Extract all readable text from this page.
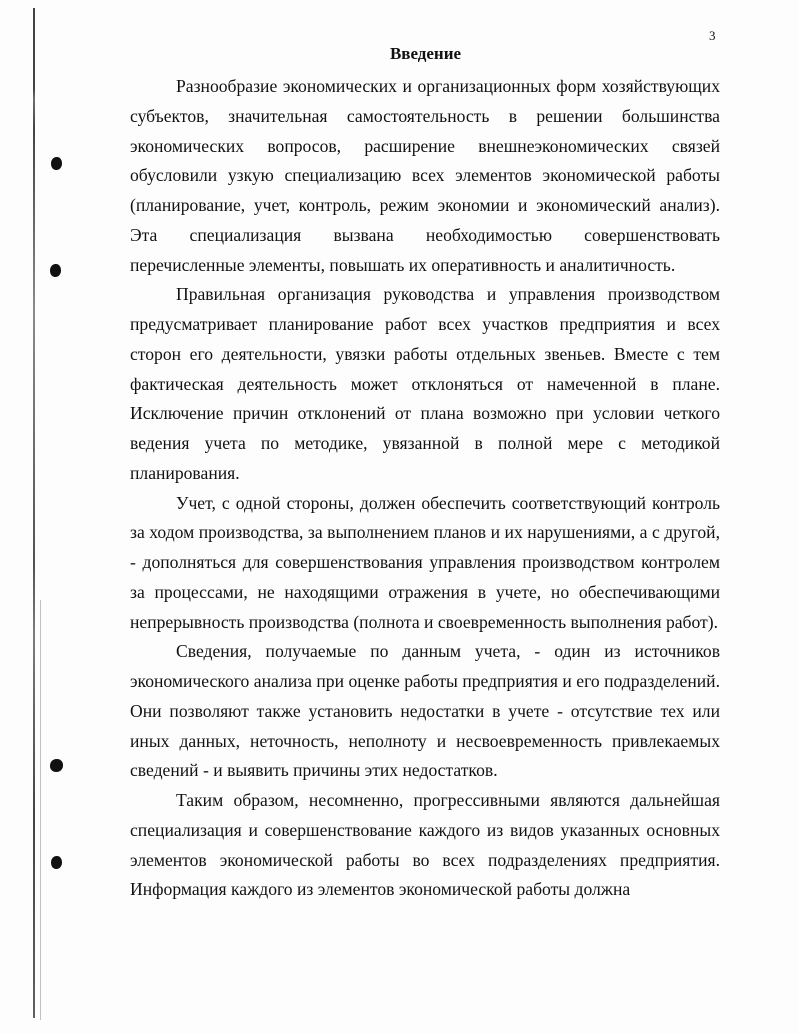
3
Введение

Разнообразие экономических и организационных форм хозяйствующих субъектов, значительная самостоятельность в решении большинства экономических вопросов, расширение внешнеэкономических связей обусловили узкую специализацию всех элементов экономической работы (планирование, учет, контроль, режим экономии и экономический анализ). Эта специализация вызвана необходимостью совершенствовать перечисленные элементы, повышать их оперативность и аналитичность.

Правильная организация руководства и управления производством предусматривает планирование работ всех участков предприятия и всех сторон его деятельности, увязки работы отдельных звеньев. Вместе с тем фактическая деятельность может отклоняться от намеченной в плане. Исключение причин отклонений от плана возможно при условии четкого ведения учета по методике, увязанной в полной мере с методикой планирования.

Учет, с одной стороны, должен обеспечить соответствующий контроль за ходом производства, за выполнением планов и их нарушениями, а с другой, - дополняться для совершенствования управления производством контролем за процессами, не находящими отражения в учете, но обеспечивающими непрерывность производства (полнота и своевременность выполнения работ).

Сведения, получаемые по данным учета, - один из источников экономического анализа при оценке работы предприятия и его подразделений. Они позволяют также установить недостатки в учете - отсутствие тех или иных данных, неточность, неполноту и несвоевременность привлекаемых сведений - и выявить причины этих недостатков.

Таким образом, несомненно, прогрессивными являются дальнейшая специализация и совершенствование каждого из видов указанных основных элементов экономической работы во всех подразделениях предприятия. Информация каждого из элементов экономической работы должна
